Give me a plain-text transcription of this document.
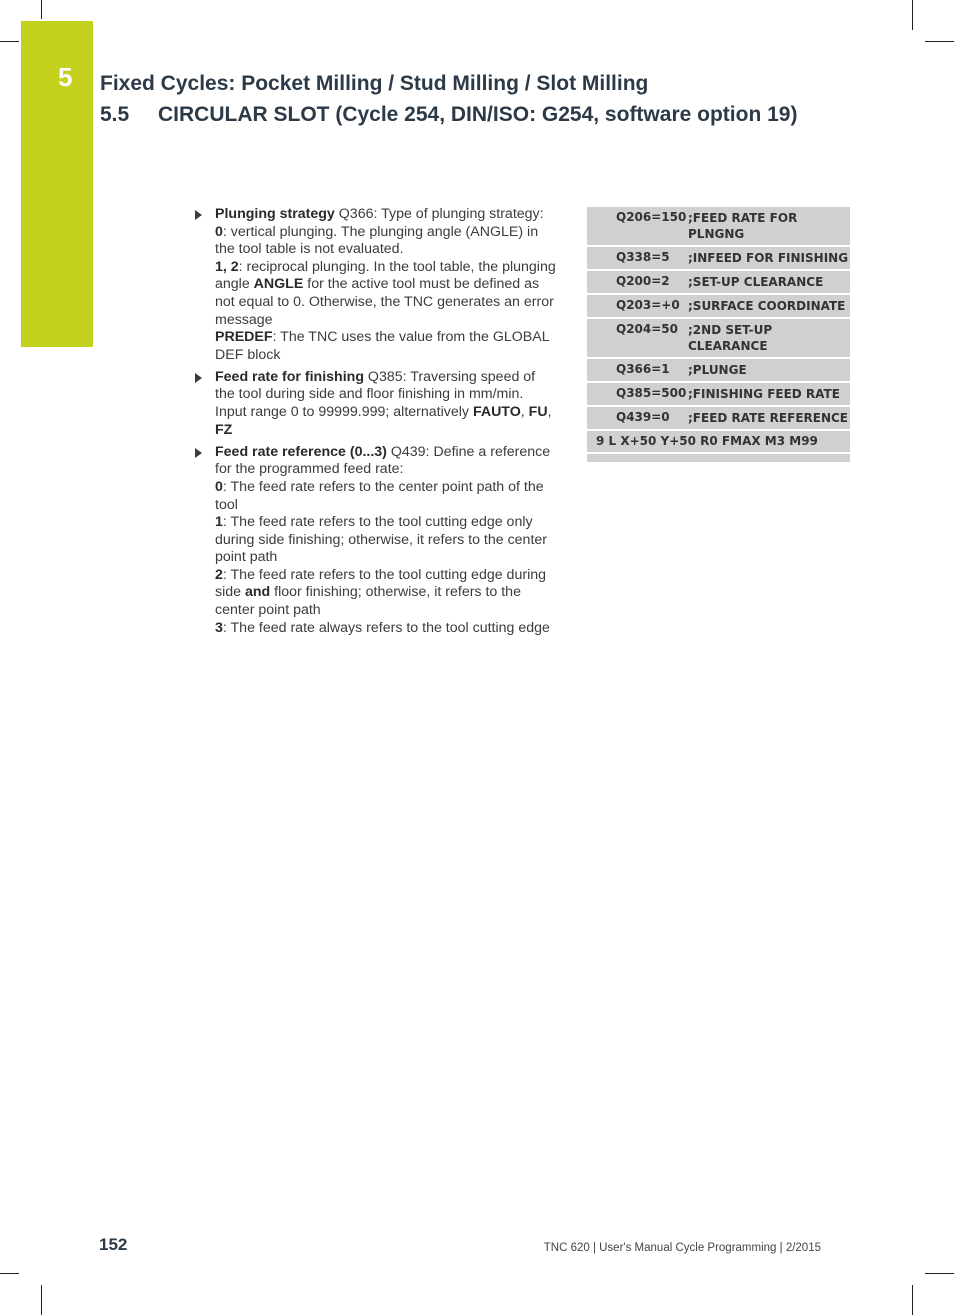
5 Fixed Cycles: Pocket Milling / Stud Milling / Slot Milling
5.5 CIRCULAR SLOT (Cycle 254, DIN/ISO: G254, software option 19)
Plunging strategy Q366: Type of plunging strategy:
0: vertical plunging. The plunging angle (ANGLE) in the tool table is not evaluated.
1, 2: reciprocal plunging. In the tool table, the plunging angle ANGLE for the active tool must be defined as not equal to 0. Otherwise, the TNC generates an error message
PREDEF: The TNC uses the value from the GLOBAL DEF block
Feed rate for finishing Q385: Traversing speed of the tool during side and floor finishing in mm/min. Input range 0 to 99999.999; alternatively FAUTO, FU, FZ
Feed rate reference (0...3) Q439: Define a reference for the programmed feed rate:
0: The feed rate refers to the center point path of the tool
1: The feed rate refers to the tool cutting edge only during side finishing; otherwise, it refers to the center point path
2: The feed rate refers to the tool cutting edge during side and floor finishing; otherwise, it refers to the center point path
3: The feed rate always refers to the tool cutting edge
Q206=150 ;FEED RATE FOR PLNGNG
Q338=5	;INFEED FOR FINISHING
Q200=2	;SET-UP CLEARANCE
Q203=+0 ;SURFACE COORDINATE
Q204=50 ;2ND SET-UP CLEARANCE
Q366=1	;PLUNGE
Q385=500 ;FINISHING FEED RATE
Q439=0	;FEED RATE REFERENCE
9 L X+50 Y+50 R0 FMAX M3 M99
152	TNC 620 | User's Manual Cycle Programming | 2/2015
